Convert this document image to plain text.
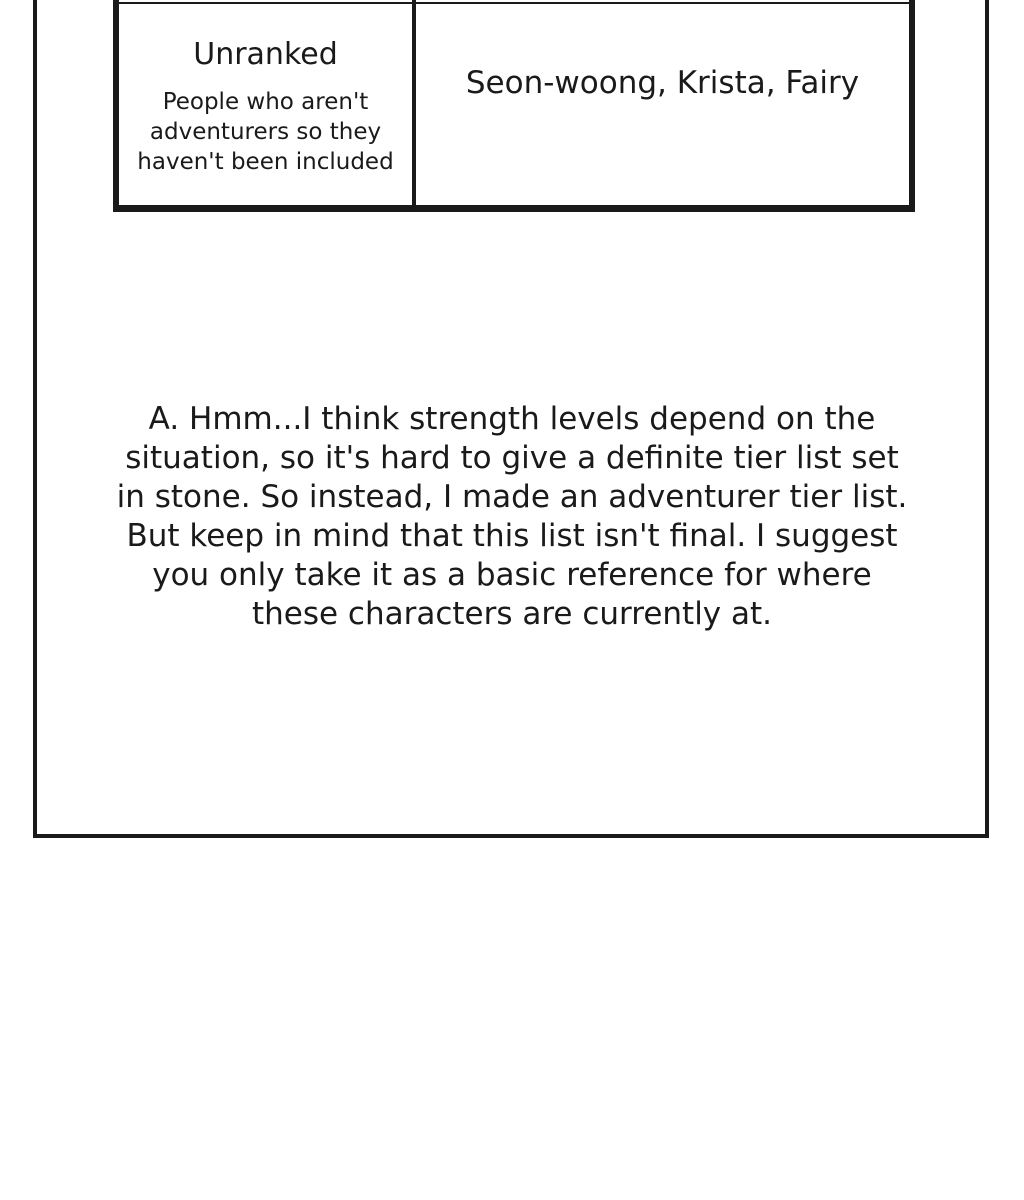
Unranked
People who aren't adventurers so they haven't been included
Seon-woong, Krista, Fairy
A. Hmm...I think strength levels depend on the situation, so it's hard to give a definite tier list set in stone. So instead, I made an adventurer tier list. But keep in mind that this list isn't final. I suggest you only take it as a basic reference for where these characters are currently at.
